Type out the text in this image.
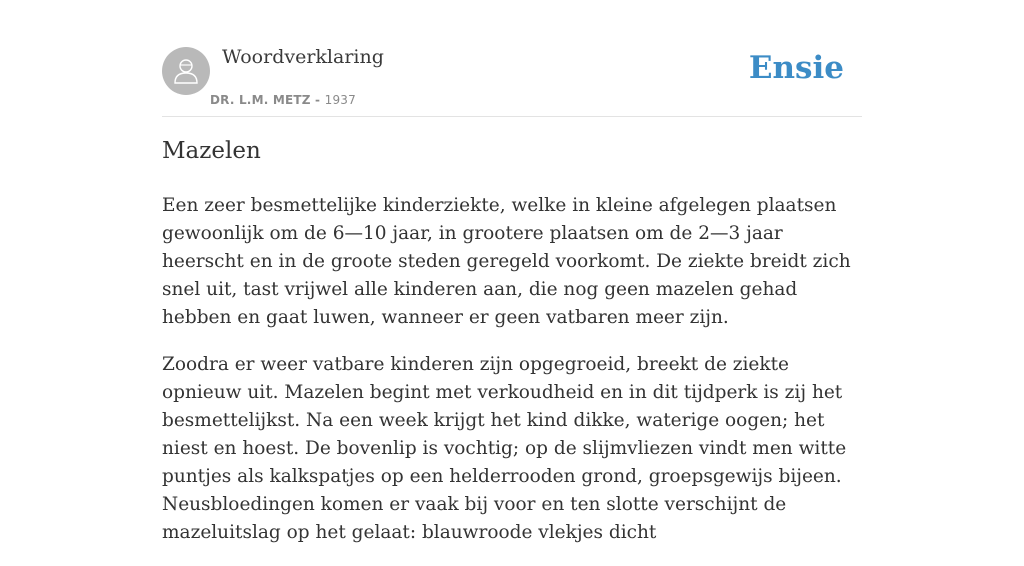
Woordverklaring
DR. L.M. METZ - 1937
Ensie
Mazelen

Een zeer besmettelijke kinderziekte, welke in kleine afgelegen plaatsen gewoonlijk om de 6—10 jaar, in grootere plaatsen om de 2—3 jaar heerscht en in de groote steden geregeld voorkomt. De ziekte breidt zich snel uit, tast vrijwel alle kinderen aan, die nog geen mazelen gehad hebben en gaat luwen, wanneer er geen vatbaren meer zijn.

Zoodra er weer vatbare kinderen zijn opgegroeid, breekt de ziekte opnieuw uit. Mazelen begint met verkoudheid en in dit tijdperk is zij het besmettelijkst. Na een week krijgt het kind dikke, waterige oogen; het niest en hoest. De bovenlip is vochtig; op de slijmvliezen vindt men witte puntjes als kalkspatjes op een helderrooden grond, groepsgewijs bijeen. Neusbloedingen komen er vaak bij voor en ten slotte verschijnt de mazeluitslag op het gelaat: blauwroode vlekjes dicht
